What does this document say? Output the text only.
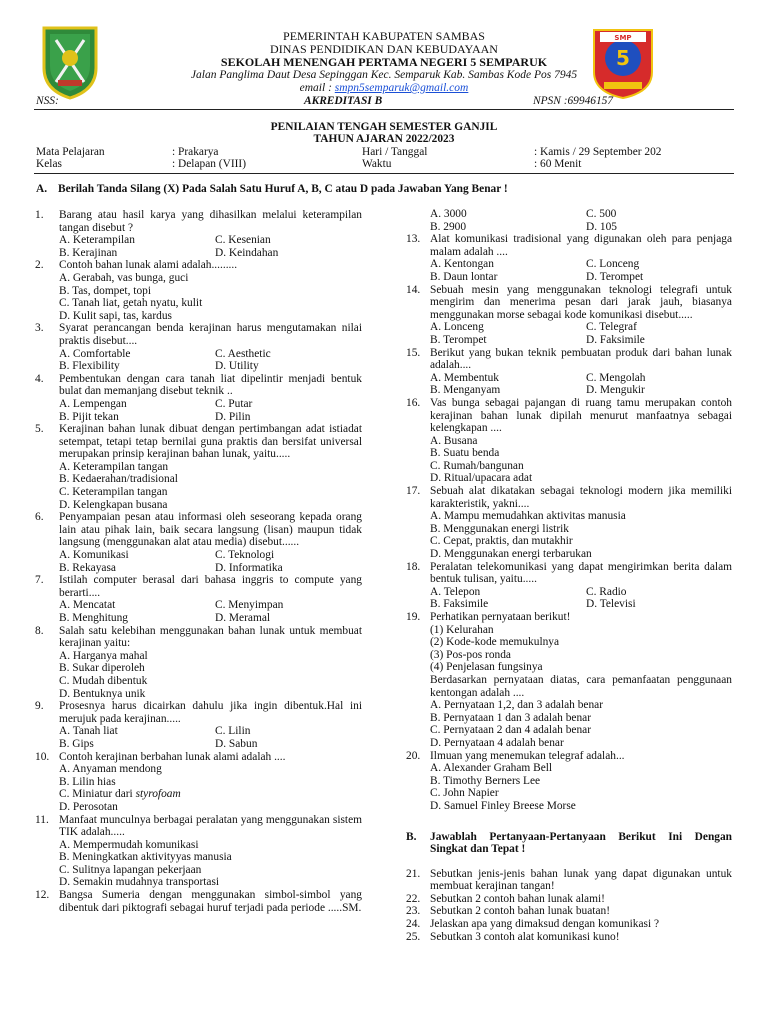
5
SMP
PEMERINTAH KABUPATEN SAMBAS
DINAS PENDIDIKAN DAN KEBUDAYAAN
SEKOLAH MENENGAH PERTAMA NEGERI 5 SEMPARUK
Jalan Panglima Daut Desa Sepinggan Kec. Semparuk Kab. Sambas Kode Pos 7945
email : smpn5semparuk@gmail.com
NSS:	AKREDITASI B	NPSN :69946157
PENILAIAN TENGAH SEMESTER GANJIL
TAHUN AJARAN 2022/2023
Mata Pelajaran	: Prakarya	Hari / Tanggal	: Kamis / 29 September 202
Kelas	: Delapan (VIII)	Waktu	: 60 Menit
A. Berilah Tanda Silang (X) Pada Salah Satu Huruf A, B, C atau D pada Jawaban Yang Benar !
1. Barang atau hasil karya yang dihasilkan melalui keterampilan tangan disebut ?
A. Keterampilan	C. Kesenian
B. Kerajinan	D. Keindahan
2. Contoh bahan lunak alami adalah.........
A. Gerabah, vas bunga, guci
B. Tas, dompet, topi
C. Tanah liat, getah nyatu, kulit
D. Kulit sapi, tas, kardus
3. Syarat perancangan benda kerajinan harus mengutamakan nilai praktis disebut....
A. Comfortable	C. Aesthetic
B. Flexibility	D. Utility
4. Pembentukan dengan cara tanah liat dipelintir menjadi bentuk bulat dan memanjang disebut teknik ..
A. Lempengan	C. Putar
B. Pijit tekan	D. Pilin
5. Kerajinan bahan lunak dibuat dengan pertimbangan adat istiadat setempat, tetapi tetap bernilai guna praktis dan bersifat universal merupakan prinsip kerajinan bahan lunak, yaitu.....
A. Keterampilan tangan
B. Kedaerahan/tradisional
C. Keterampilan tangan
D. Kelengkapan busana
6. Penyampaian pesan atau informasi oleh seseorang kepada orang lain atau pihak lain, baik secara langsung (lisan) maupun tidak langsung (menggunakan alat atau media) disebut......
A. Komunikasi	C. Teknologi
B. Rekayasa	D. Informatika
7. Istilah computer berasal dari bahasa inggris to compute yang berarti....
A. Mencatat	C. Menyimpan
B. Menghitung	D. Meramal
8. Salah satu kelebihan menggunakan bahan lunak untuk membuat kerajinan yaitu:
A. Harganya mahal
B. Sukar diperoleh
C. Mudah dibentuk
D. Bentuknya unik
9. Prosesnya harus dicairkan dahulu jika ingin dibentuk.Hal ini merujuk pada kerajinan.....
A. Tanah liat	C. Lilin
B. Gips	D. Sabun
10. Contoh kerajinan berbahan lunak alami adalah ....
A. Anyaman mendong
B. Lilin hias
C. Miniatur dari styrofoam
D. Perosotan
11. Manfaat munculnya berbagai peralatan yang menggunakan sistem TIK adalah.....
A. Mempermudah komunikasi
B. Meningkatkan aktivityyas manusia
C. Sulitnya lapangan pekerjaan
D. Semakin mudahnya transportasi
12. Bangsa Sumeria dengan menggunakan simbol-simbol yang dibentuk dari piktografi sebagai huruf terjadi pada periode .....SM.
A. 3000	C. 500
B. 2900	D. 105
13. Alat komunikasi tradisional yang digunakan oleh para penjaga malam adalah ....
A. Kentongan	C. Lonceng
B. Daun lontar	D. Terompet
14. Sebuah mesin yang menggunakan teknologi telegrafi untuk mengirim dan menerima pesan dari jarak jauh, biasanya menggunakan morse sebagai kode komunikasi disebut.....
A. Lonceng	C. Telegraf
B. Terompet	D. Faksimile
15. Berikut yang bukan teknik pembuatan produk dari bahan lunak adalah....
A. Membentuk	C. Mengolah
B. Menganyam	D. Mengukir
16. Vas bunga sebagai pajangan di ruang tamu merupakan contoh kerajinan bahan lunak dipilah menurut manfaatnya sebagai kelengkapan ....
A. Busana
B. Suatu benda
C. Rumah/bangunan
D. Ritual/upacara adat
17. Sebuah alat dikatakan sebagai teknologi modern jika memiliki karakteristik, yakni....
A. Mampu memudahkan aktivitas manusia
B. Menggunakan energi listrik
C. Cepat, praktis, dan mutakhir
D. Menggunakan energi terbarukan
18. Peralatan telekomunikasi yang dapat mengirimkan berita dalam bentuk tulisan, yaitu.....
A. Telepon	C. Radio
B. Faksimile	D. Televisi
19. Perhatikan pernyataan berikut!
(1) Kelurahan
(2) Kode-kode memukulnya
(3) Pos-pos ronda
(4) Penjelasan fungsinya
Berdasarkan pernyataan diatas, cara pemanfaatan penggunaan kentongan adalah ....
A. Pernyataan 1,2, dan 3 adalah benar
B. Pernyataan 1 dan 3 adalah benar
C. Pernyataan 2 dan 4 adalah benar
D. Pernyataan 4 adalah benar
20. Ilmuan yang menemukan telegraf adalah...
A. Alexander Graham Bell
B. Timothy Berners Lee
C. John Napier
D. Samuel Finley Breese Morse
B. Jawablah Pertanyaan-Pertanyaan Berikut Ini Dengan Singkat dan Tepat !
21. Sebutkan jenis-jenis bahan lunak yang dapat digunakan untuk membuat kerajinan tangan!
22. Sebutkan 2 contoh bahan lunak alami!
23. Sebutkan 2 contoh bahan lunak buatan!
24. Jelaskan apa yang dimaksud dengan komunikasi ?
25. Sebutkan 3 contoh alat komunikasi kuno!
